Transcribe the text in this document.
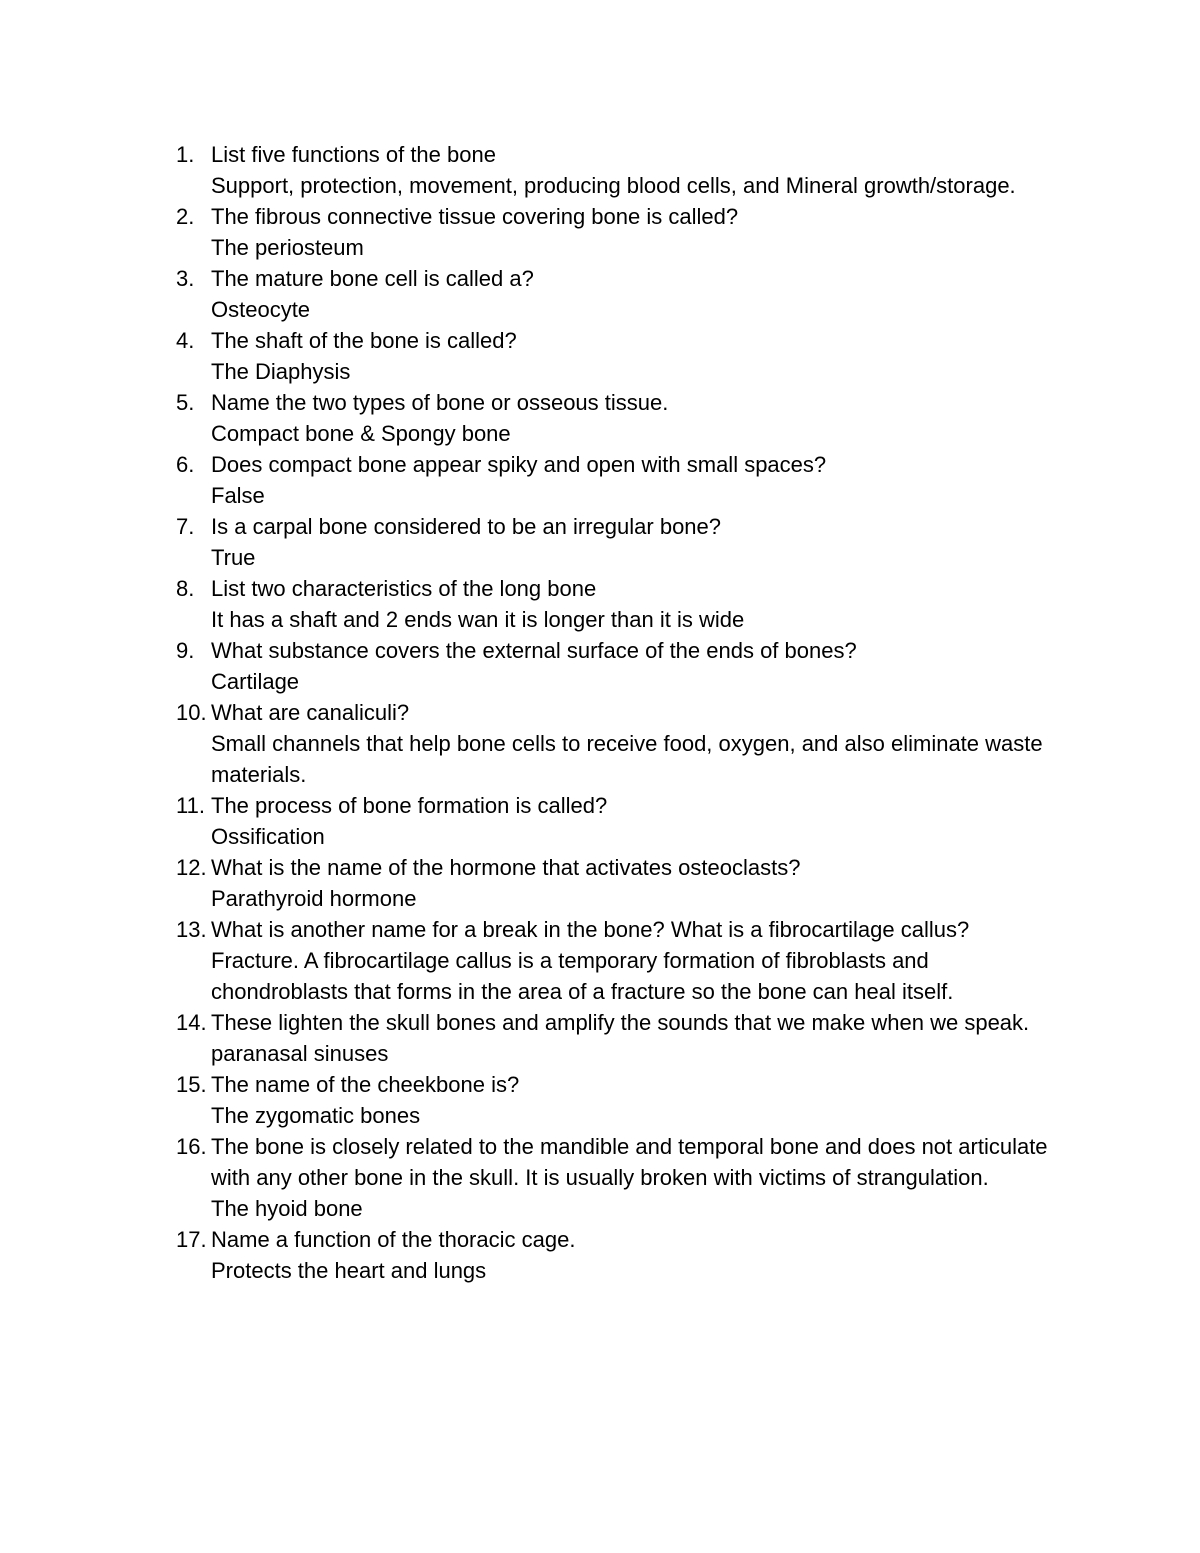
1. List five functions of the bone
Support, protection, movement, producing blood cells, and Mineral growth/storage.
2. The fibrous connective tissue covering bone is called?
The periosteum
3. The mature bone cell is called a?
Osteocyte
4. The shaft of the bone is called?
The Diaphysis
5. Name the two types of bone or osseous tissue.
Compact bone & Spongy bone
6. Does compact bone appear spiky and open with small spaces?
False
7. Is a carpal bone considered to be an irregular bone?
True
8. List two characteristics of the long bone
It has a shaft and 2 ends wan it is longer than it is wide
9. What substance covers the external surface of the ends of bones?
Cartilage
10. What are canaliculi?
Small channels that help bone cells to receive food, oxygen, and also eliminate waste materials.
11. The process of bone formation is called?
Ossification
12. What is the name of the hormone that activates osteoclasts?
Parathyroid hormone
13. What is another name for a break in the bone? What is a fibrocartilage callus?
Fracture. A fibrocartilage callus is a temporary formation of fibroblasts and chondroblasts that forms in the area of a fracture so the bone can heal itself.
14. These lighten the skull bones and amplify the sounds that we make when we speak.
paranasal sinuses
15. The name of the cheekbone is?
The zygomatic bones
16. The bone is closely related to the mandible and temporal bone and does not articulate with any other bone in the skull. It is usually broken with victims of strangulation.
The hyoid bone
17. Name a function of the thoracic cage.
Protects the heart and lungs
